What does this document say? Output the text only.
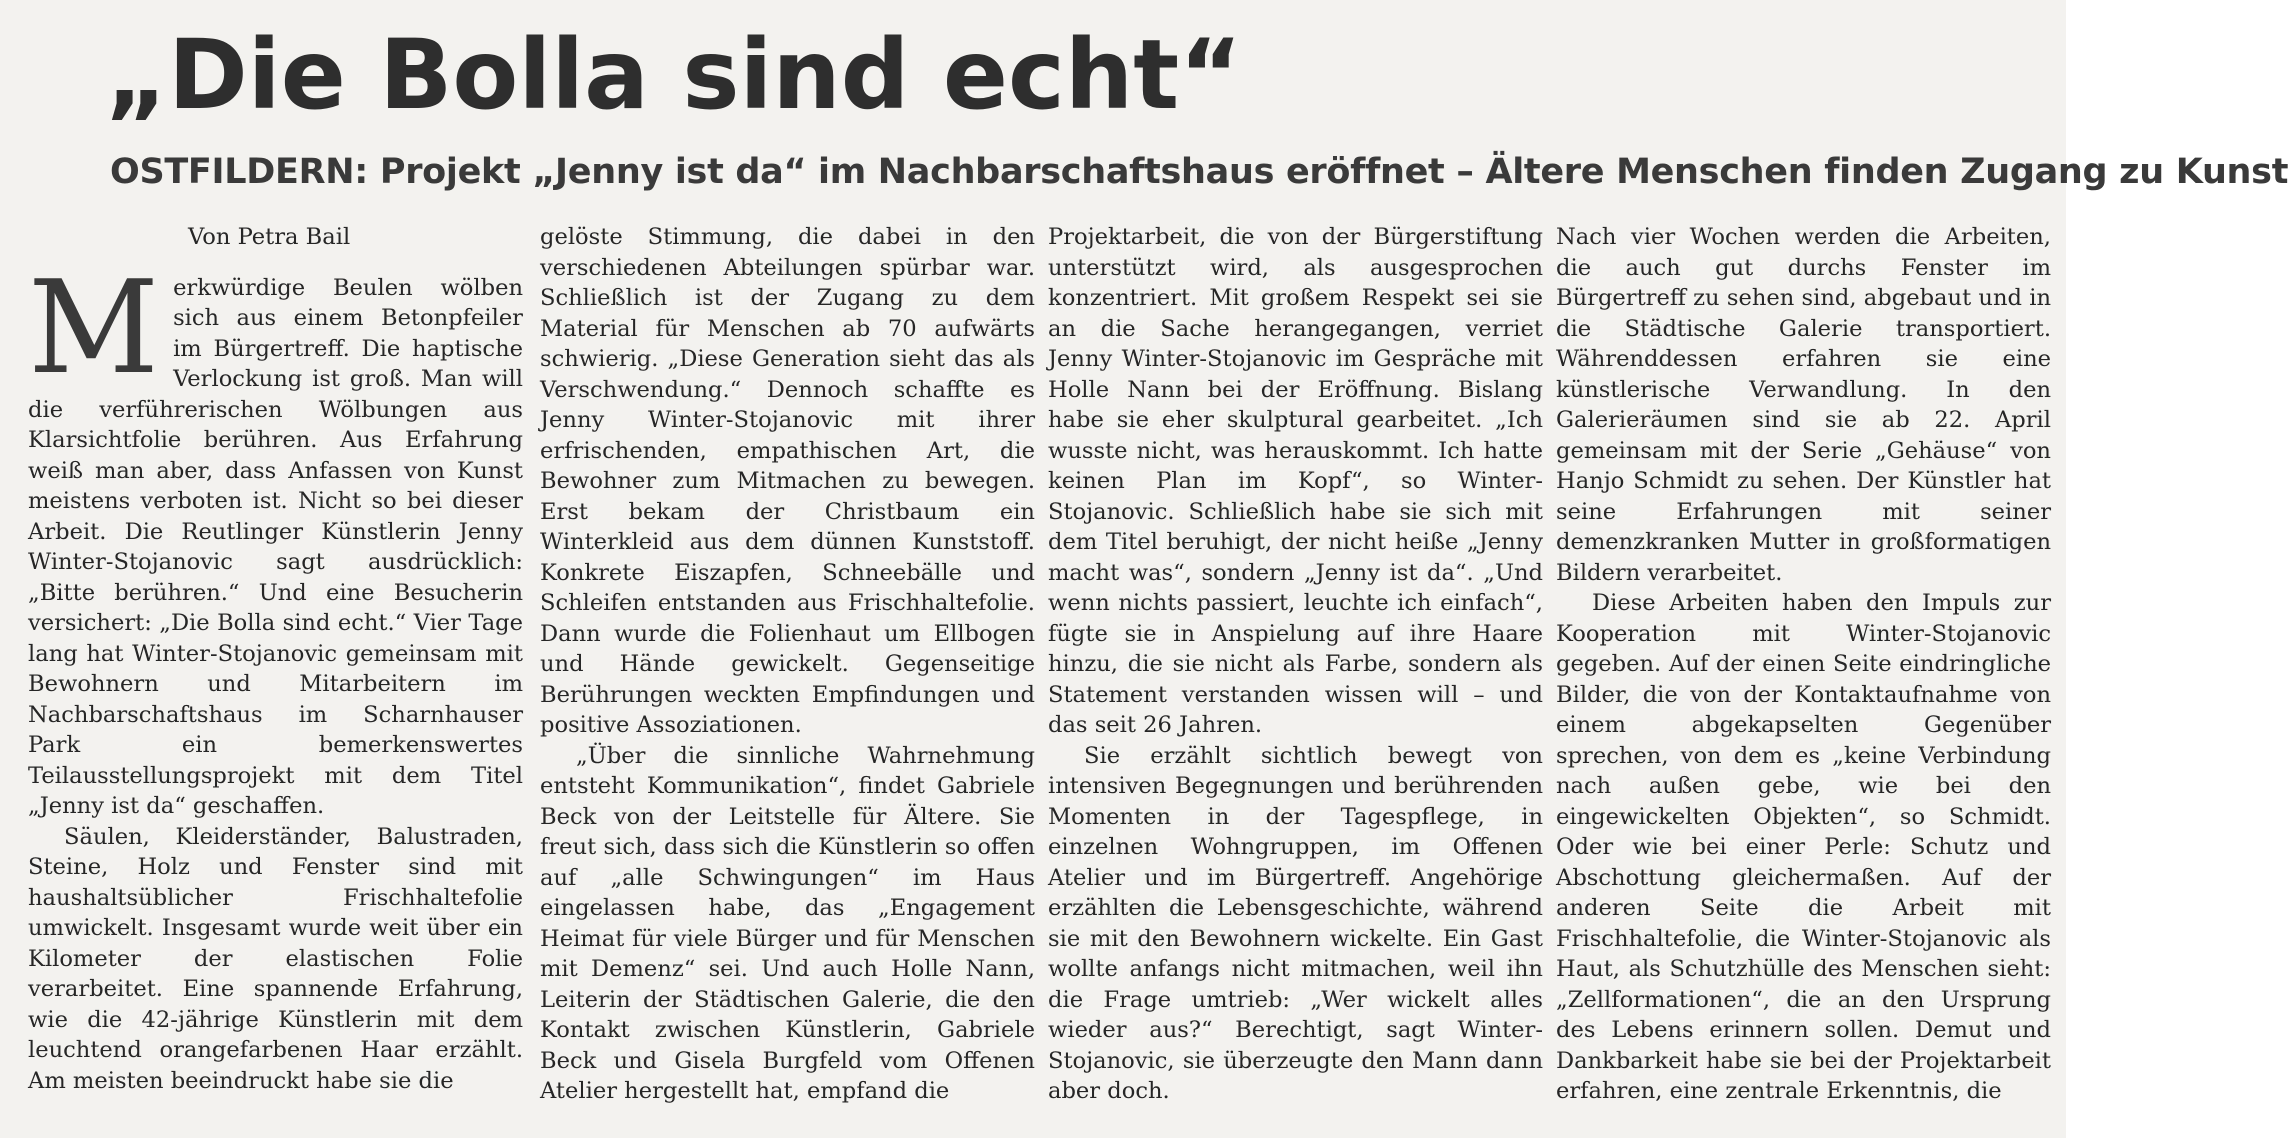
„Die Bolla sind echt“
OSTFILDERN: Projekt „Jenny ist da“ im Nachbarschaftshaus eröffnet – Ältere Menschen finden Zugang zu Kunst

Von Petra Bail

Merkwürdige Beulen wölben sich aus einem Betonpfeiler im Bürgertreff. Die haptische Verlockung ist groß. Man will die verführerischen Wölbungen aus Klarsichtfolie berühren. Aus Erfahrung weiß man aber, dass Anfassen von Kunst meistens verboten ist. Nicht so bei dieser Arbeit. Die Reutlinger Künstlerin Jenny Winter-Stojanovic sagt ausdrücklich: „Bitte berühren.“ Und eine Besucherin versichert: „Die Bolla sind echt.“ Vier Tage lang hat Winter-Stojanovic gemeinsam mit Bewohnern und Mitarbeitern im Nachbarschaftshaus im Scharnhauser Park ein bemerkenswertes Teilausstellungsprojekt mit dem Titel „Jenny ist da“ geschaffen.

Säulen, Kleiderständer, Balustraden, Steine, Holz und Fenster sind mit haushaltsüblicher Frischhaltefolie umwickelt. Insgesamt wurde weit über ein Kilometer der elastischen Folie verarbeitet. Eine spannende Erfahrung, wie die 42-jährige Künstlerin mit dem leuchtend orangefarbenen Haar erzählt. Am meisten beeindruckt habe sie die

gelöste Stimmung, die dabei in den verschiedenen Abteilungen spürbar war. Schließlich ist der Zugang zu dem Material für Menschen ab 70 aufwärts schwierig. „Diese Generation sieht das als Verschwendung.“ Dennoch schaffte es Jenny Winter-Stojanovic mit ihrer erfrischenden, empathischen Art, die Bewohner zum Mitmachen zu bewegen. Erst bekam der Christbaum ein Winterkleid aus dem dünnen Kunststoff. Konkrete Eiszapfen, Schneebälle und Schleifen entstanden aus Frischhaltefolie. Dann wurde die Folienhaut um Ellbogen und Hände gewickelt. Gegenseitige Berührungen weckten Empfindungen und positive Assoziationen.

„Über die sinnliche Wahrnehmung entsteht Kommunikation“, findet Gabriele Beck von der Leitstelle für Ältere. Sie freut sich, dass sich die Künstlerin so offen auf „alle Schwingungen“ im Haus eingelassen habe, das „Engagement Heimat für viele Bürger und für Menschen mit Demenz“ sei. Und auch Holle Nann, Leiterin der Städtischen Galerie, die den Kontakt zwischen Künstlerin, Gabriele Beck und Gisela Burgfeld vom Offenen Atelier hergestellt hat, empfand die

Projektarbeit, die von der Bürgerstiftung unterstützt wird, als ausgesprochen konzentriert. Mit großem Respekt sei sie an die Sache herangegangen, verriet Jenny Winter-Stojanovic im Gespräche mit Holle Nann bei der Eröffnung. Bislang habe sie eher skulptural gearbeitet. „Ich wusste nicht, was herauskommt. Ich hatte keinen Plan im Kopf“, so Winter-Stojanovic. Schließlich habe sie sich mit dem Titel beruhigt, der nicht heiße „Jenny macht was“, sondern „Jenny ist da“. „Und wenn nichts passiert, leuchte ich einfach“, fügte sie in Anspielung auf ihre Haare hinzu, die sie nicht als Farbe, sondern als Statement verstanden wissen will – und das seit 26 Jahren.

Sie erzählt sichtlich bewegt von intensiven Begegnungen und berührenden Momenten in der Tagespflege, in einzelnen Wohngruppen, im Offenen Atelier und im Bürgertreff. Angehörige erzählten die Lebensgeschichte, während sie mit den Bewohnern wickelte. Ein Gast wollte anfangs nicht mitmachen, weil ihn die Frage umtrieb: „Wer wickelt alles wieder aus?“ Berechtigt, sagt Winter-Stojanovic, sie überzeugte den Mann dann aber doch.

Nach vier Wochen werden die Arbeiten, die auch gut durchs Fenster im Bürgertreff zu sehen sind, abgebaut und in die Städtische Galerie transportiert. Währenddessen erfahren sie eine künstlerische Verwandlung. In den Galerieräumen sind sie ab 22. April gemeinsam mit der Serie „Gehäuse“ von Hanjo Schmidt zu sehen. Der Künstler hat seine Erfahrungen mit seiner demenzkranken Mutter in großformatigen Bildern verarbeitet.

Diese Arbeiten haben den Impuls zur Kooperation mit Winter-Stojanovic gegeben. Auf der einen Seite eindringliche Bilder, die von der Kontaktaufnahme von einem abgekapselten Gegenüber sprechen, von dem es „keine Verbindung nach außen gebe, wie bei den eingewickelten Objekten“, so Schmidt. Oder wie bei einer Perle: Schutz und Abschottung gleichermaßen. Auf der anderen Seite die Arbeit mit Frischhaltefolie, die Winter-Stojanovic als Haut, als Schutzhülle des Menschen sieht: „Zellformationen“, die an den Ursprung des Lebens erinnern sollen. Demut und Dankbarkeit habe sie bei der Projektarbeit erfahren, eine zentrale Erkenntnis, die
